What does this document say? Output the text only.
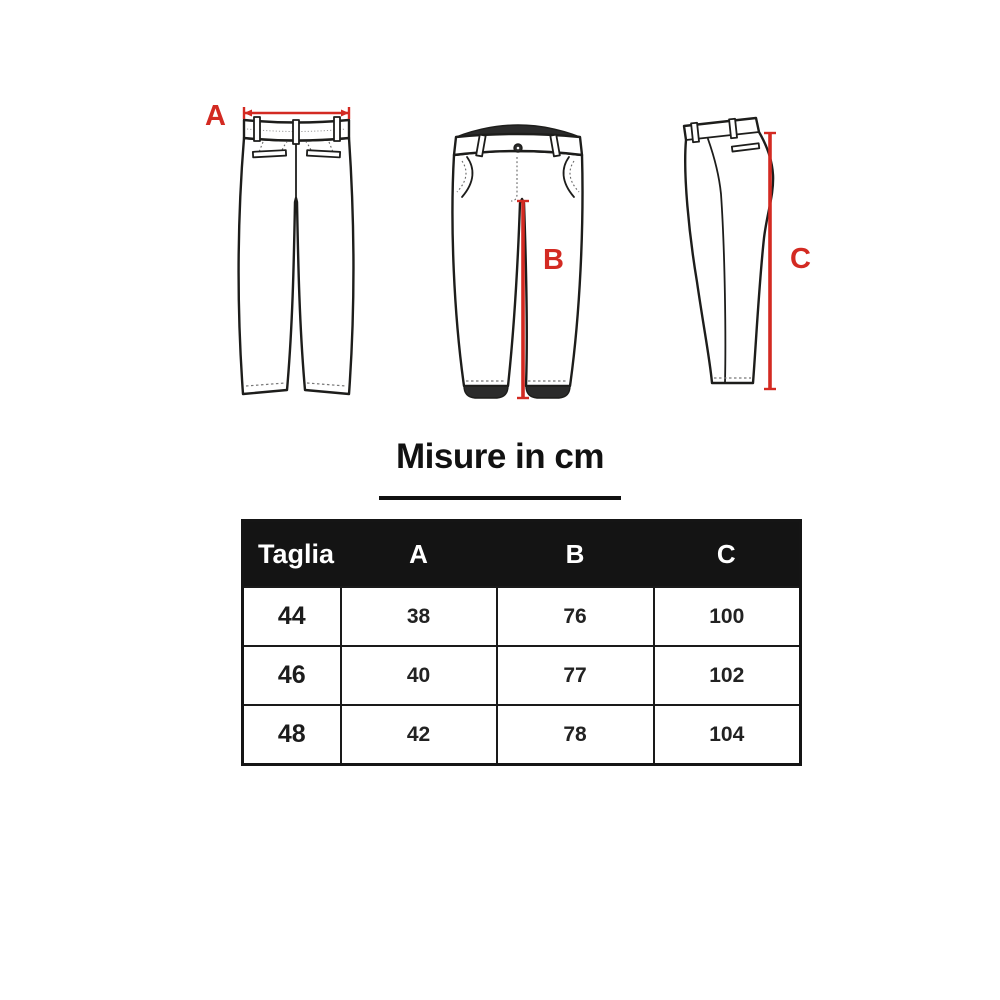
A
B	C
Misure in cm
Taglia	A	B	C
44	38	76	100
46	40	77	102
48	42	78	104
